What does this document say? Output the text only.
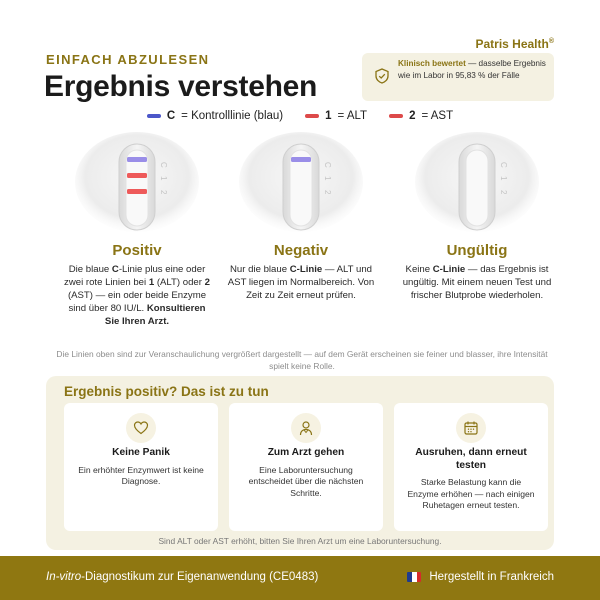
EINFACH ABZULESEN
Ergebnis verstehen
Patris Health®
Klinisch bewertet — dasselbe Ergebnis wie im Labor in 95,83 % der Fälle
C = Kontrolllinie (blau)	1 = ALT	2 = AST
C
1
2
Positiv
Die blaue C-Linie plus eine oder zwei rote Linien bei 1 (ALT) oder 2 (AST) — ein oder beide Enzyme sind über 80 IU/L. Konsultieren Sie Ihren Arzt.
C
1
2
Negativ
Nur die blaue C-Linie — ALT und AST liegen im Normalbereich. Von Zeit zu Zeit erneut prüfen.
C
1
2
Ungültig
Keine C-Linie — das Ergebnis ist ungültig. Mit einem neuen Test und frischer Blutprobe wiederholen.
Die Linien oben sind zur Veranschaulichung vergrößert dargestellt — auf dem Gerät erscheinen sie feiner und blasser, ihre Intensität spielt keine Rolle.
Ergebnis positiv? Das ist zu tun
Keine Panik
Ein erhöhter Enzymwert ist keine Diagnose.
Zum Arzt gehen
Eine Laboruntersuchung entscheidet über die nächsten Schritte.
Ausruhen, dann erneut testen
Starke Belastung kann die Enzyme erhöhen — nach einigen Ruhetagen erneut testen.
Sind ALT oder AST erhöht, bitten Sie Ihren Arzt um eine Laboruntersuchung.
In-vitro-Diagnostikum zur Eigenanwendung (CE0483)	Hergestellt in Frankreich
